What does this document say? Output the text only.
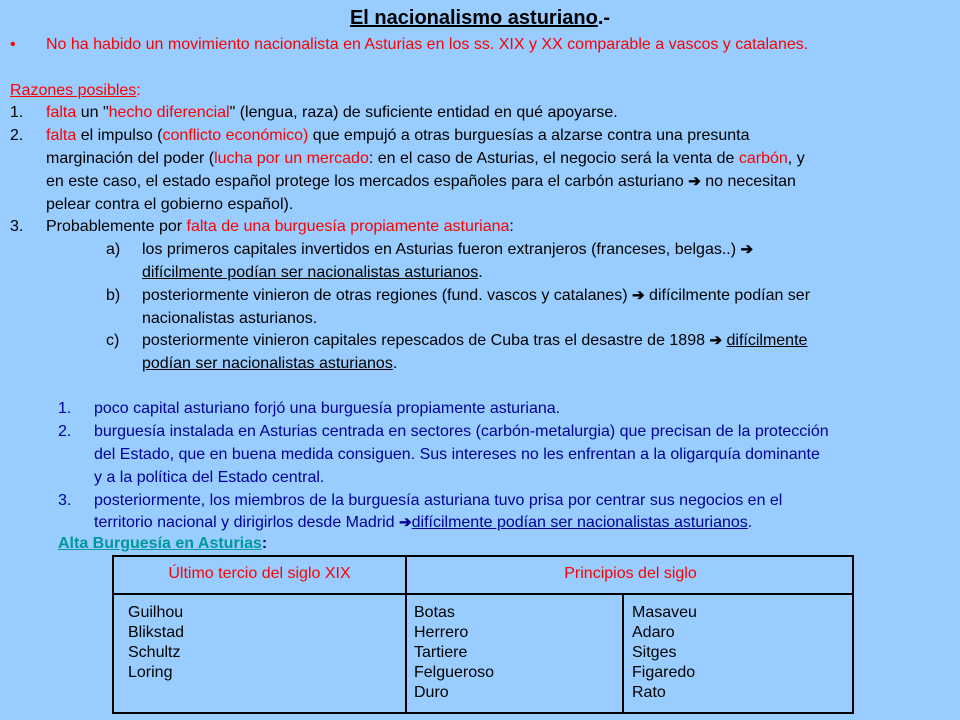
El nacionalismo asturiano.-
• No ha habido un movimiento nacionalista en Asturias en los ss. XIX y XX comparable a vascos y catalanes.
Razones posibles:
1. falta un "hecho diferencial" (lengua, raza) de suficiente entidad en qué apoyarse.
2. falta el impulso (conflicto económico) que empujó a otras burguesías a alzarse contra una presunta
marginación del poder (lucha por un mercado: en el caso de Asturias, el negocio será la venta de carbón, y
en este caso, el estado español protege los mercados españoles para el carbón asturiano ➔ no necesitan
pelear contra el gobierno español).
3. Probablemente por falta de una burguesía propiamente asturiana:
a) los primeros capitales invertidos en Asturias fueron extranjeros (franceses, belgas..) ➔
difícilmente podían ser nacionalistas asturianos.
b) posteriormente vinieron de otras regiones (fund. vascos y catalanes) ➔ difícilmente podían ser
nacionalistas asturianos.
c) posteriormente vinieron capitales repescados de Cuba tras el desastre de 1898 ➔ difícilmente
podían ser nacionalistas asturianos.
1. poco capital asturiano forjó una burguesía propiamente asturiana.
2. burguesía instalada en Asturias centrada en sectores (carbón-metalurgia) que precisan de la protección
del Estado, que en buena medida consiguen. Sus intereses no les enfrentan a la oligarquía dominante
y a la política del Estado central.
3. posteriormente, los miembros de la burguesía asturiana tuvo prisa por centrar sus negocios en el
territorio nacional y dirigirlos desde Madrid ➔difícilmente podían ser nacionalistas asturianos.
Alta Burguesía en Asturias:
Último tercio del siglo XIX	Principios del siglo
Guilhou
Blikstad
Schultz
Loring
Botas
Herrero
Tartiere
Felgueroso
Duro
Masaveu
Adaro
Sitges
Figaredo
Rato
